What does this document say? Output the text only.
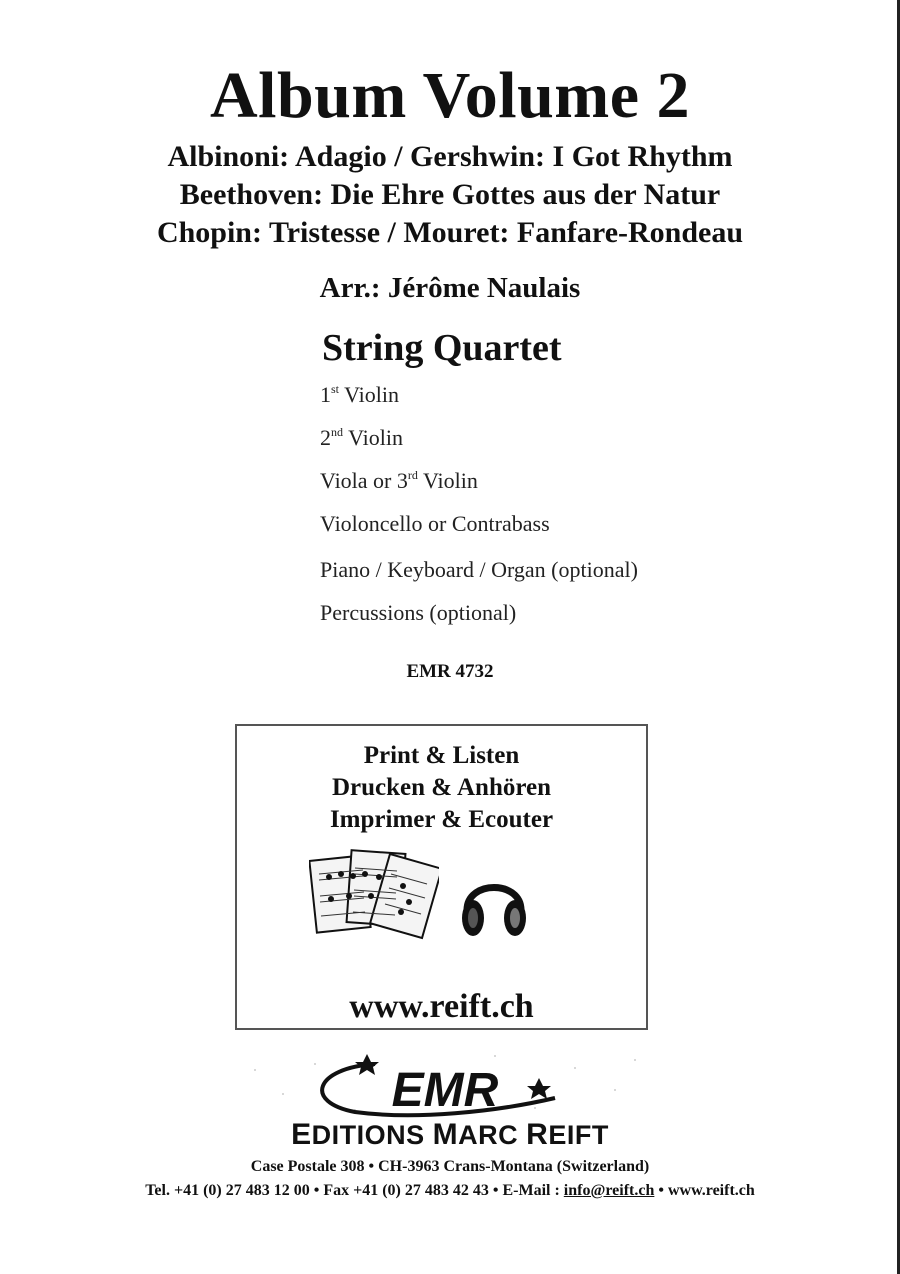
Album Volume 2
Albinoni: Adagio / Gershwin: I Got Rhythm
Beethoven: Die Ehre Gottes aus der Natur
Chopin: Tristesse / Mouret: Fanfare-Rondeau
Arr.: Jérôme Naulais
String Quartet
1st Violin
2nd Violin
Viola or 3rd Violin
Violoncello or Contrabass
Piano / Keyboard / Organ (optional)
Percussions (optional)
EMR 4732
Print & Listen
Drucken & Anhören
Imprimer & Ecouter
www.reift.ch
EMR
EDITIONS MARC REIFT
Case Postale 308 • CH-3963 Crans-Montana (Switzerland)
Tel. +41 (0) 27 483 12 00 • Fax +41 (0) 27 483 42 43 • E-Mail : info@reift.ch • www.reift.ch
